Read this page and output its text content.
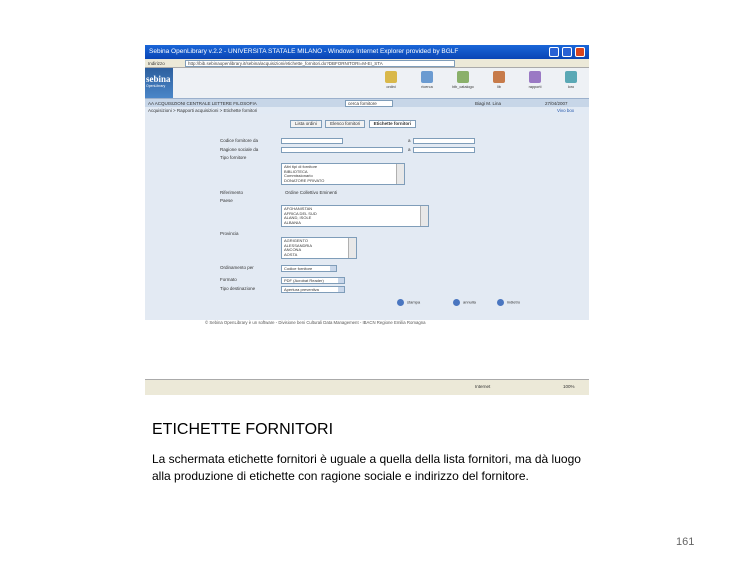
Sebina OpenLibrary v.2.2 - UNIVERSITA STATALE MILANO - Windows Internet Explorer provided by BGLF
Indirizzo	http://bib.sebinaopenlibrary.it/sebina/acquisizioni/etichette_fornitori.do?DBFORNITORI=M-EI_STA
sebina
OpenLibrary	ordini	ricerca	bib_catalogo	lib	rapporti	loro
AA ACQUISIZIONI CENTRALE LETTERE FILOSOFIA	cerca fornitore	Biagi M. Lina	27/04/2007
Acquisizioni > Rapporti acquisizioni > Etichette fornitori	Vivo box
Lista ordini	Elenco fornitori	Etichette fornitori
Codice fornitore da	a
Ragione sociale da	a
Tipo fornitore
Altri tipi di fornitore
BIBLIOTECA
Commissionario
DONATORE PRIVATO
Riferimento	Ordine Collettivo Eminenti
Paese
AFGHANISTAN
AFRICA DEL SUD
ALAND, ISOLE
ALBANIA
Provincia
AGRIGENTO
ALESSANDRIA
ANCONA
AOSTA
Ordinamento per	Codice fornitore
Formato	PDF (Acrobat Reader)
Tipo destinazione	Apertura preventiva
stampa	annulla	indietro
© Sebina OpenLibrary è un software - Divisione beni Culturali Data Management - IBACN Regione Emilia Romagna
Internet	100%
ETICHETTE FORNITORI
La schermata etichette fornitori è uguale a quella della lista fornitori, ma dà luogo alla produzione di etichette con ragione sociale e indirizzo del fornitore.
161
